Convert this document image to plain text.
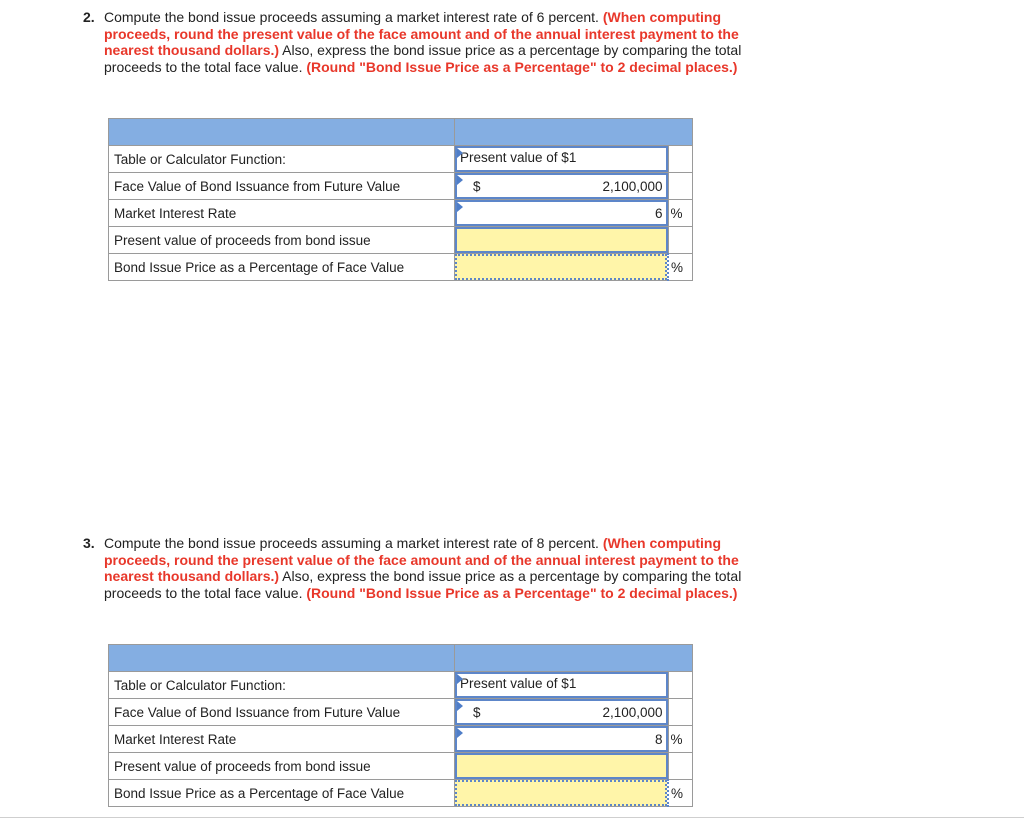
2. Compute the bond issue proceeds assuming a market interest rate of 6 percent. (When computing proceeds, round the present value of the face amount and of the annual interest payment to the nearest thousand dollars.) Also, express the bond issue price as a percentage by comparing the total proceeds to the total face value. (Round "Bond Issue Price as a Percentage" to 2 decimal places.)

Table or Calculator Function:	Present value of $1	

Face Value of Bond Issuance from Future Value	$ 2,100,000	

Market Interest Rate	6	%
Present value of proceeds from bond issue	

Bond Issue Price as a Percentage of Face Value		%
3. Compute the bond issue proceeds assuming a market interest rate of 8 percent. (When computing proceeds, round the present value of the face amount and of the annual interest payment to the nearest thousand dollars.) Also, express the bond issue price as a percentage by comparing the total proceeds to the total face value. (Round "Bond Issue Price as a Percentage" to 2 decimal places.)

Table or Calculator Function:	Present value of $1	

Face Value of Bond Issuance from Future Value	$ 2,100,000	

Market Interest Rate	8	%
Present value of proceeds from bond issue	

Bond Issue Price as a Percentage of Face Value		%
